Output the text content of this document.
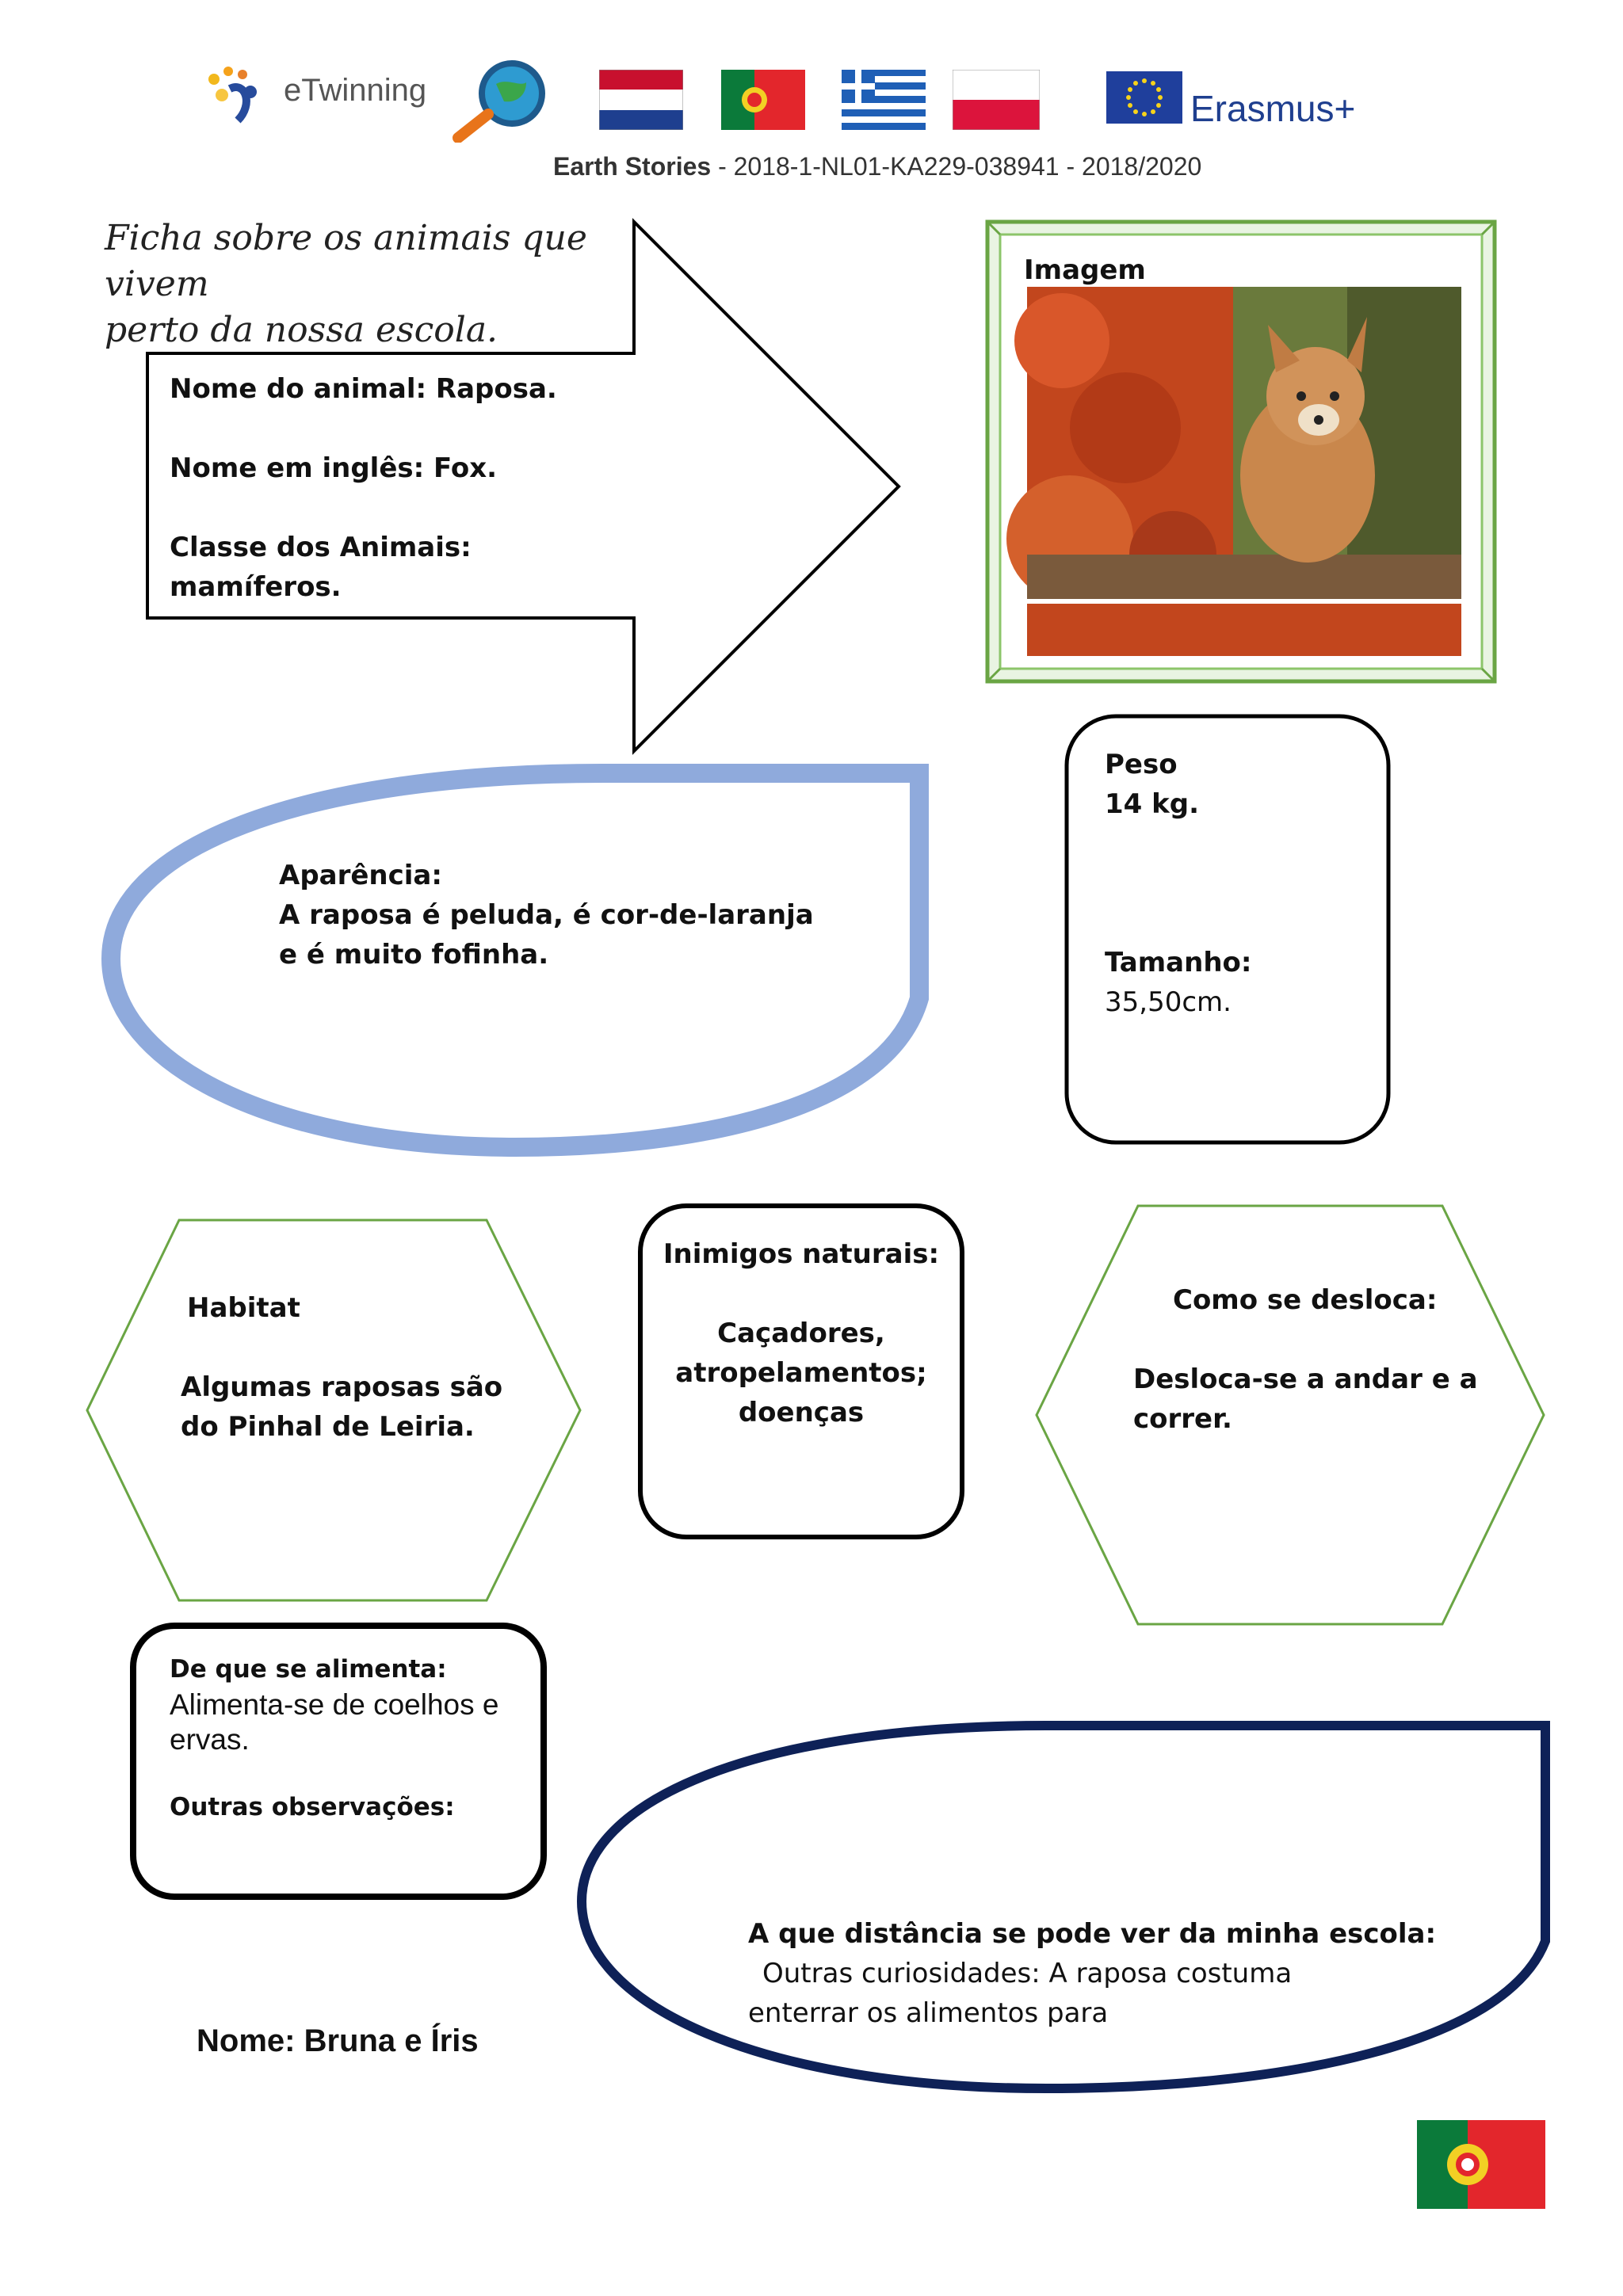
eTwinning	Erasmus+
Earth Stories - 2018-1-NL01-KA229-038941 - 2018/2020
Ficha sobre os animais que vivem
perto da nossa escola.
Nome do animal: Raposa.
Nome em inglês: Fox.
Classe dos Animais: mamíferos.
Imagem
Aparência:
A raposa é peluda, é cor-de-laranja
e é muito fofinha.
Peso
14 kg.
Tamanho:
35,50cm.
Habitat
Algumas raposas são
do Pinhal de Leiria.
Inimigos naturais:
Caçadores,
atropelamentos;
doenças
Como se desloca:
Desloca-se a andar e a
correr.
De que se alimenta:
Alimenta-se de coelhos e
ervas.
Outras observações:
A que distância se pode ver da minha escola:
Outras curiosidades: A raposa costuma
enterrar os alimentos para
Nome: Bruna e Íris
